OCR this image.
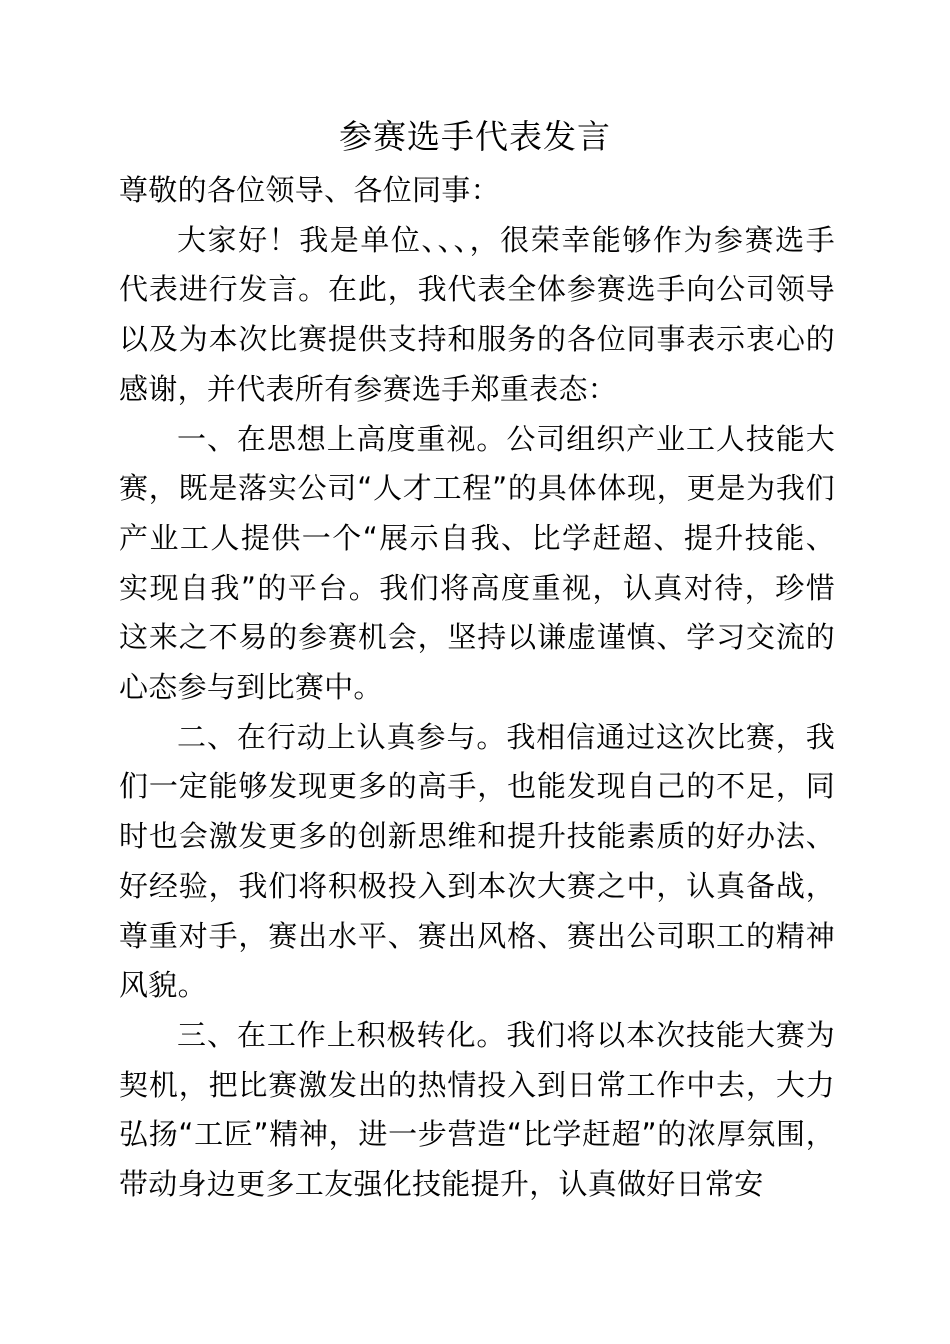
参赛选手代表发言

尊敬的各位领导、各位同事：

大家好！我是单位、、、，很荣幸能够作为参赛选手代表进行发言。在此，我代表全体参赛选手向公司领导以及为本次比赛提供支持和服务的各位同事表示衷心的感谢，并代表所有参赛选手郑重表态：

一、在思想上高度重视。公司组织产业工人技能大赛，既是落实公司“人才工程”的具体体现，更是为我们产业工人提供一个“展示自我、比学赶超、提升技能、实现自我”的平台。我们将高度重视，认真对待，珍惜这来之不易的参赛机会，坚持以谦虚谨慎、学习交流的心态参与到比赛中。

二、在行动上认真参与。我相信通过这次比赛，我们一定能够发现更多的高手，也能发现自己的不足，同时也会激发更多的创新思维和提升技能素质的好办法、好经验，我们将积极投入到本次大赛之中，认真备战，尊重对手，赛出水平、赛出风格、赛出公司职工的精神风貌。

三、在工作上积极转化。我们将以本次技能大赛为契机，把比赛激发出的热情投入到日常工作中去，大力弘扬“工匠”精神，进一步营造“比学赶超”的浓厚氛围，带动身边更多工友强化技能提升，认真做好日常安
